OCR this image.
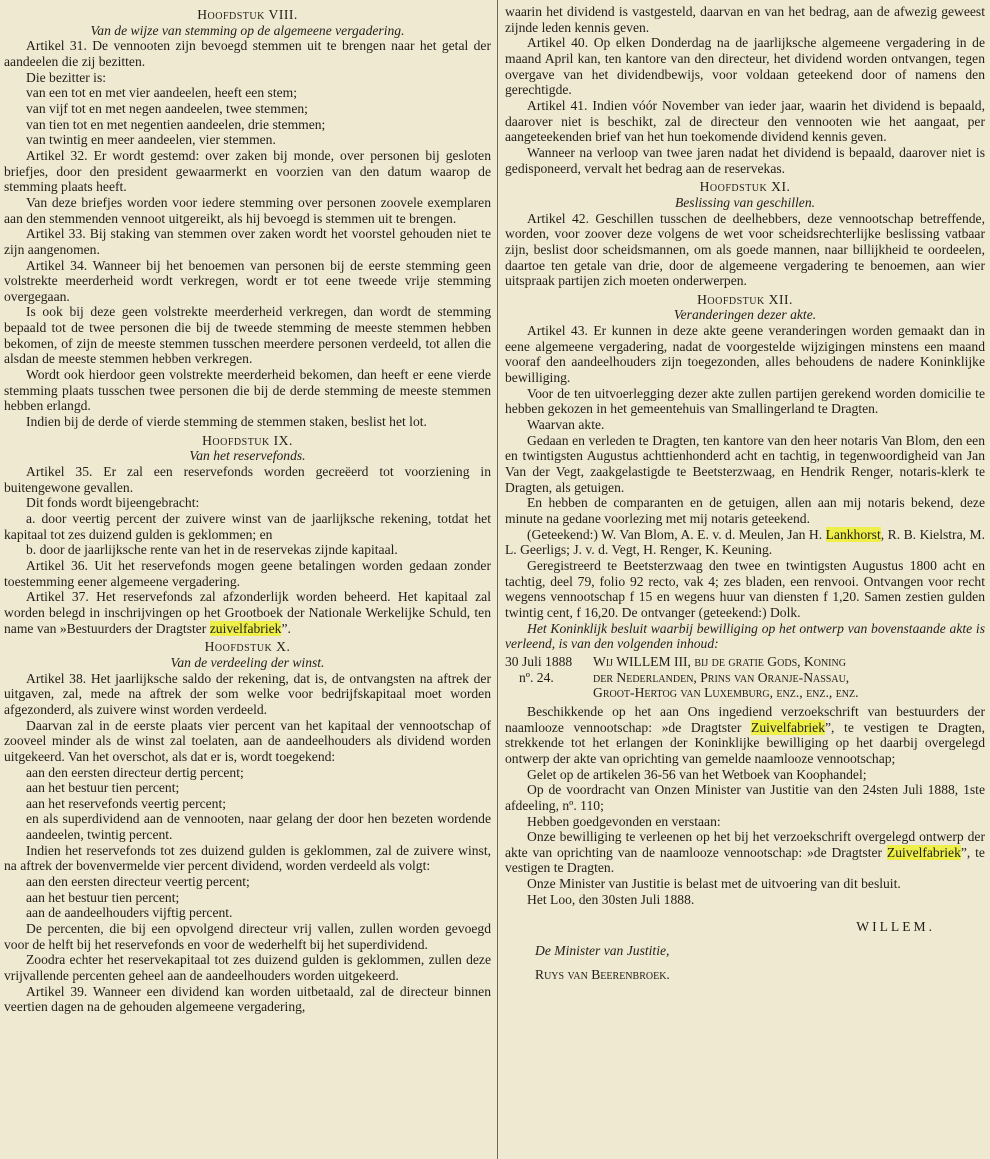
Hoofdstuk VIII.

Van de wijze van stemming op de algemeene vergadering.

Artikel 31. De vennooten zijn bevoegd stemmen uit te brengen naar het getal der aandeelen die zij bezitten.

Die bezitter is:

van een tot en met vier aandeelen, heeft een stem;

van vijf tot en met negen aandeelen, twee stemmen;

van tien tot en met negentien aandeelen, drie stemmen;

van twintig en meer aandeelen, vier stemmen.

Artikel 32. Er wordt gestemd: over zaken bij monde, over personen bij gesloten briefjes, door den president gewaarmerkt en voorzien van den datum waarop de stemming plaats heeft.

Van deze briefjes worden voor iedere stemming over personen zoovele exemplaren aan den stemmenden vennoot uitgereikt, als hij bevoegd is stemmen uit te brengen.

Artikel 33. Bij staking van stemmen over zaken wordt het voorstel gehouden niet te zijn aangenomen.

Artikel 34. Wanneer bij het benoemen van personen bij de eerste stemming geen volstrekte meerderheid wordt verkregen, wordt er tot eene tweede vrije stemming overgegaan.

Is ook bij deze geen volstrekte meerderheid verkregen, dan wordt de stemming bepaald tot de twee personen die bij de tweede stemming de meeste stemmen hebben bekomen, of zijn de meeste stemmen tusschen meerdere personen verdeeld, tot allen die alsdan de meeste stemmen hebben verkregen.

Wordt ook hierdoor geen volstrekte meerderheid bekomen, dan heeft er eene vierde stemming plaats tusschen twee personen die bij de derde stemming de meeste stemmen hebben erlangd.

Indien bij de derde of vierde stemming de stemmen staken, beslist het lot.

Hoofdstuk IX.

Van het reservefonds.

Artikel 35. Er zal een reservefonds worden gecreëerd tot voorziening in buitengewone gevallen.

Dit fonds wordt bijeengebracht:

a. door veertig percent der zuivere winst van de jaarlijksche rekening, totdat het kapitaal tot zes duizend gulden is geklommen; en

b. door de jaarlijksche rente van het in de reservekas zijnde kapitaal.

Artikel 36. Uit het reservefonds mogen geene betalingen worden gedaan zonder toestemming eener algemeene vergadering.

Artikel 37. Het reservefonds zal afzonderlijk worden beheerd. Het kapitaal zal worden belegd in inschrijvingen op het Grootboek der Nationale Werkelijke Schuld, ten name van »Bestuurders der Dragtster zuivelfabriek”.

Hoofdstuk X.

Van de verdeeling der winst.

Artikel 38. Het jaarlijksche saldo der rekening, dat is, de ontvangsten na aftrek der uitgaven, zal, mede na aftrek der som welke voor bedrijfskapitaal moet worden afgezonderd, als zuivere winst worden verdeeld.

Daarvan zal in de eerste plaats vier percent van het kapitaal der vennootschap of zooveel minder als de winst zal toelaten, aan de aandeelhouders als dividend worden uitgekeerd. Van het overschot, als dat er is, wordt toegekend:

aan den eersten directeur dertig percent;

aan het bestuur tien percent;

aan het reservefonds veertig percent;

en als superdividend aan de vennooten, naar gelang der door hen bezeten wordende aandeelen, twintig percent.

Indien het reservefonds tot zes duizend gulden is geklommen, zal de zuivere winst, na aftrek der bovenvermelde vier percent dividend, worden verdeeld als volgt:

aan den eersten directeur veertig percent;

aan het bestuur tien percent;

aan de aandeelhouders vijftig percent.

De percenten, die bij een opvolgend directeur vrij vallen, zullen worden gevoegd voor de helft bij het reservefonds en voor de wederhelft bij het superdividend.

Zoodra echter het reservekapitaal tot zes duizend gulden is geklommen, zullen deze vrijvallende percenten geheel aan de aandeelhouders worden uitgekeerd.

Artikel 39. Wanneer een dividend kan worden uitbetaald, zal de directeur binnen veertien dagen na de gehouden algemeene vergadering,

waarin het dividend is vastgesteld, daarvan en van het bedrag, aan de afwezig geweest zijnde leden kennis geven.

Artikel 40. Op elken Donderdag na de jaarlijksche algemeene vergadering in de maand April kan, ten kantore van den directeur, het dividend worden ontvangen, tegen overgave van het dividendbewijs, voor voldaan geteekend door of namens den gerechtigde.

Artikel 41. Indien vóór November van ieder jaar, waarin het dividend is bepaald, daarover niet is beschikt, zal de directeur den vennooten wie het aangaat, per aangeteekenden brief van het hun toekomende dividend kennis geven.

Wanneer na verloop van twee jaren nadat het dividend is bepaald, daarover niet is gedisponeerd, vervalt het bedrag aan de reservekas.

Hoofdstuk XI.

Beslissing van geschillen.

Artikel 42. Geschillen tusschen de deelhebbers, deze vennootschap betreffende, worden, voor zoover deze volgens de wet voor scheidsrechterlijke beslissing vatbaar zijn, beslist door scheidsmannen, om als goede mannen, naar billijkheid te oordeelen, daartoe ten getale van drie, door de algemeene vergadering te benoemen, aan wier uitspraak partijen zich moeten onderwerpen.

Hoofdstuk XII.

Veranderingen dezer akte.

Artikel 43. Er kunnen in deze akte geene veranderingen worden gemaakt dan in eene algemeene vergadering, nadat de voorgestelde wijzigingen minstens een maand vooraf den aandeelhouders zijn toegezonden, alles behoudens de nadere Koninklijke bewilliging.

Voor de ten uitvoerlegging dezer akte zullen partijen gerekend worden domicilie te hebben gekozen in het gemeentehuis van Smallingerland te Dragten.

Waarvan akte.

Gedaan en verleden te Dragten, ten kantore van den heer notaris Van Blom, den een en twintigsten Augustus achttienhonderd acht en tachtig, in tegenwoordigheid van Jan Van der Vegt, zaakgelastigde te Beetsterzwaag, en Hendrik Renger, notaris-klerk te Dragten, als getuigen.

En hebben de comparanten en de getuigen, allen aan mij notaris bekend, deze minute na gedane voorlezing met mij notaris geteekend.

(Geteekend:) W. Van Blom, A. E. v. d. Meulen, Jan H. Lankhorst, R. B. Kielstra, M. L. Geerligs; J. v. d. Vegt, H. Renger, K. Keuning.

Geregistreerd te Beetsterzwaag den twee en twintigsten Augustus 1800 acht en tachtig, deel 79, folio 92 recto, vak 4; zes bladen, een renvooi. Ontvangen voor recht wegens vennootschap f 15 en wegens huur van diensten f 1,20. Samen zestien gulden twintig cent, f 16,20. De ontvanger (geteekend:) Dolk.

Het Koninklijk besluit waarbij bewilliging op het ontwerp van bovenstaande akte is verleend, is van den volgenden inhoud:

30 Juli 1888
nº. 24.
Wij WILLEM III, bij de gratie Gods, Koning
der Nederlanden, Prins van Oranje-Nassau,
Groot-Hertog van Luxemburg, enz., enz., enz.

Beschikkende op het aan Ons ingediend verzoekschrift van bestuurders der naamlooze vennootschap: »de Dragtster Zuivelfabriek”, te vestigen te Dragten, strekkende tot het erlangen der Koninklijke bewilliging op het daarbij overgelegd ontwerp der akte van oprichting van gemelde naamlooze vennootschap;

Gelet op de artikelen 36-56 van het Wetboek van Koophandel;

Op de voordracht van Onzen Minister van Justitie van den 24sten Juli 1888, 1ste afdeeling, nº. 110;

Hebben goedgevonden en verstaan:

Onze bewilliging te verleenen op het bij het verzoekschrift overgelegd ontwerp der akte van oprichting van de naamlooze vennootschap: »de Dragtster Zuivelfabriek”, te vestigen te Dragten.

Onze Minister van Justitie is belast met de uitvoering van dit besluit.

Het Loo, den 30sten Juli 1888.

WILLEM.
De Minister van Justitie,
Ruys van Beerenbroek.
